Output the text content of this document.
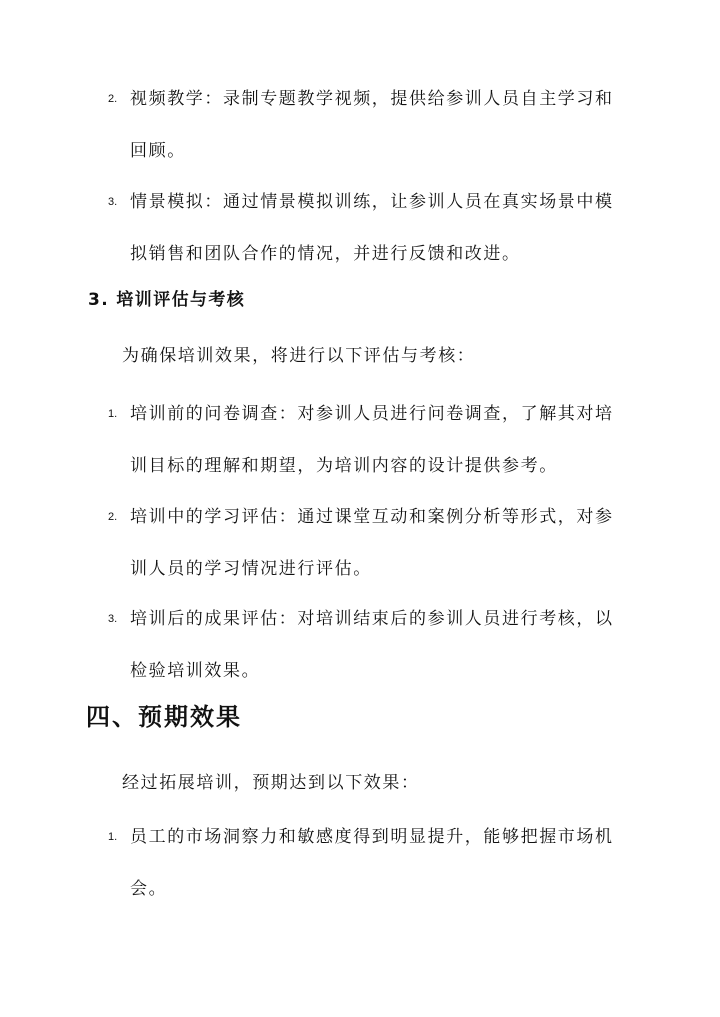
2. 视频教学：录制专题教学视频，提供给参训人员自主学习和回顾。
3. 情景模拟：通过情景模拟训练，让参训人员在真实场景中模拟销售和团队合作的情况，并进行反馈和改进。
3. 培训评估与考核
为确保培训效果，将进行以下评估与考核：
1. 培训前的问卷调查：对参训人员进行问卷调查，了解其对培训目标的理解和期望，为培训内容的设计提供参考。
2. 培训中的学习评估：通过课堂互动和案例分析等形式，对参训人员的学习情况进行评估。
3. 培训后的成果评估：对培训结束后的参训人员进行考核，以检验培训效果。
四、预期效果
经过拓展培训，预期达到以下效果：
1. 员工的市场洞察力和敏感度得到明显提升，能够把握市场机会。
